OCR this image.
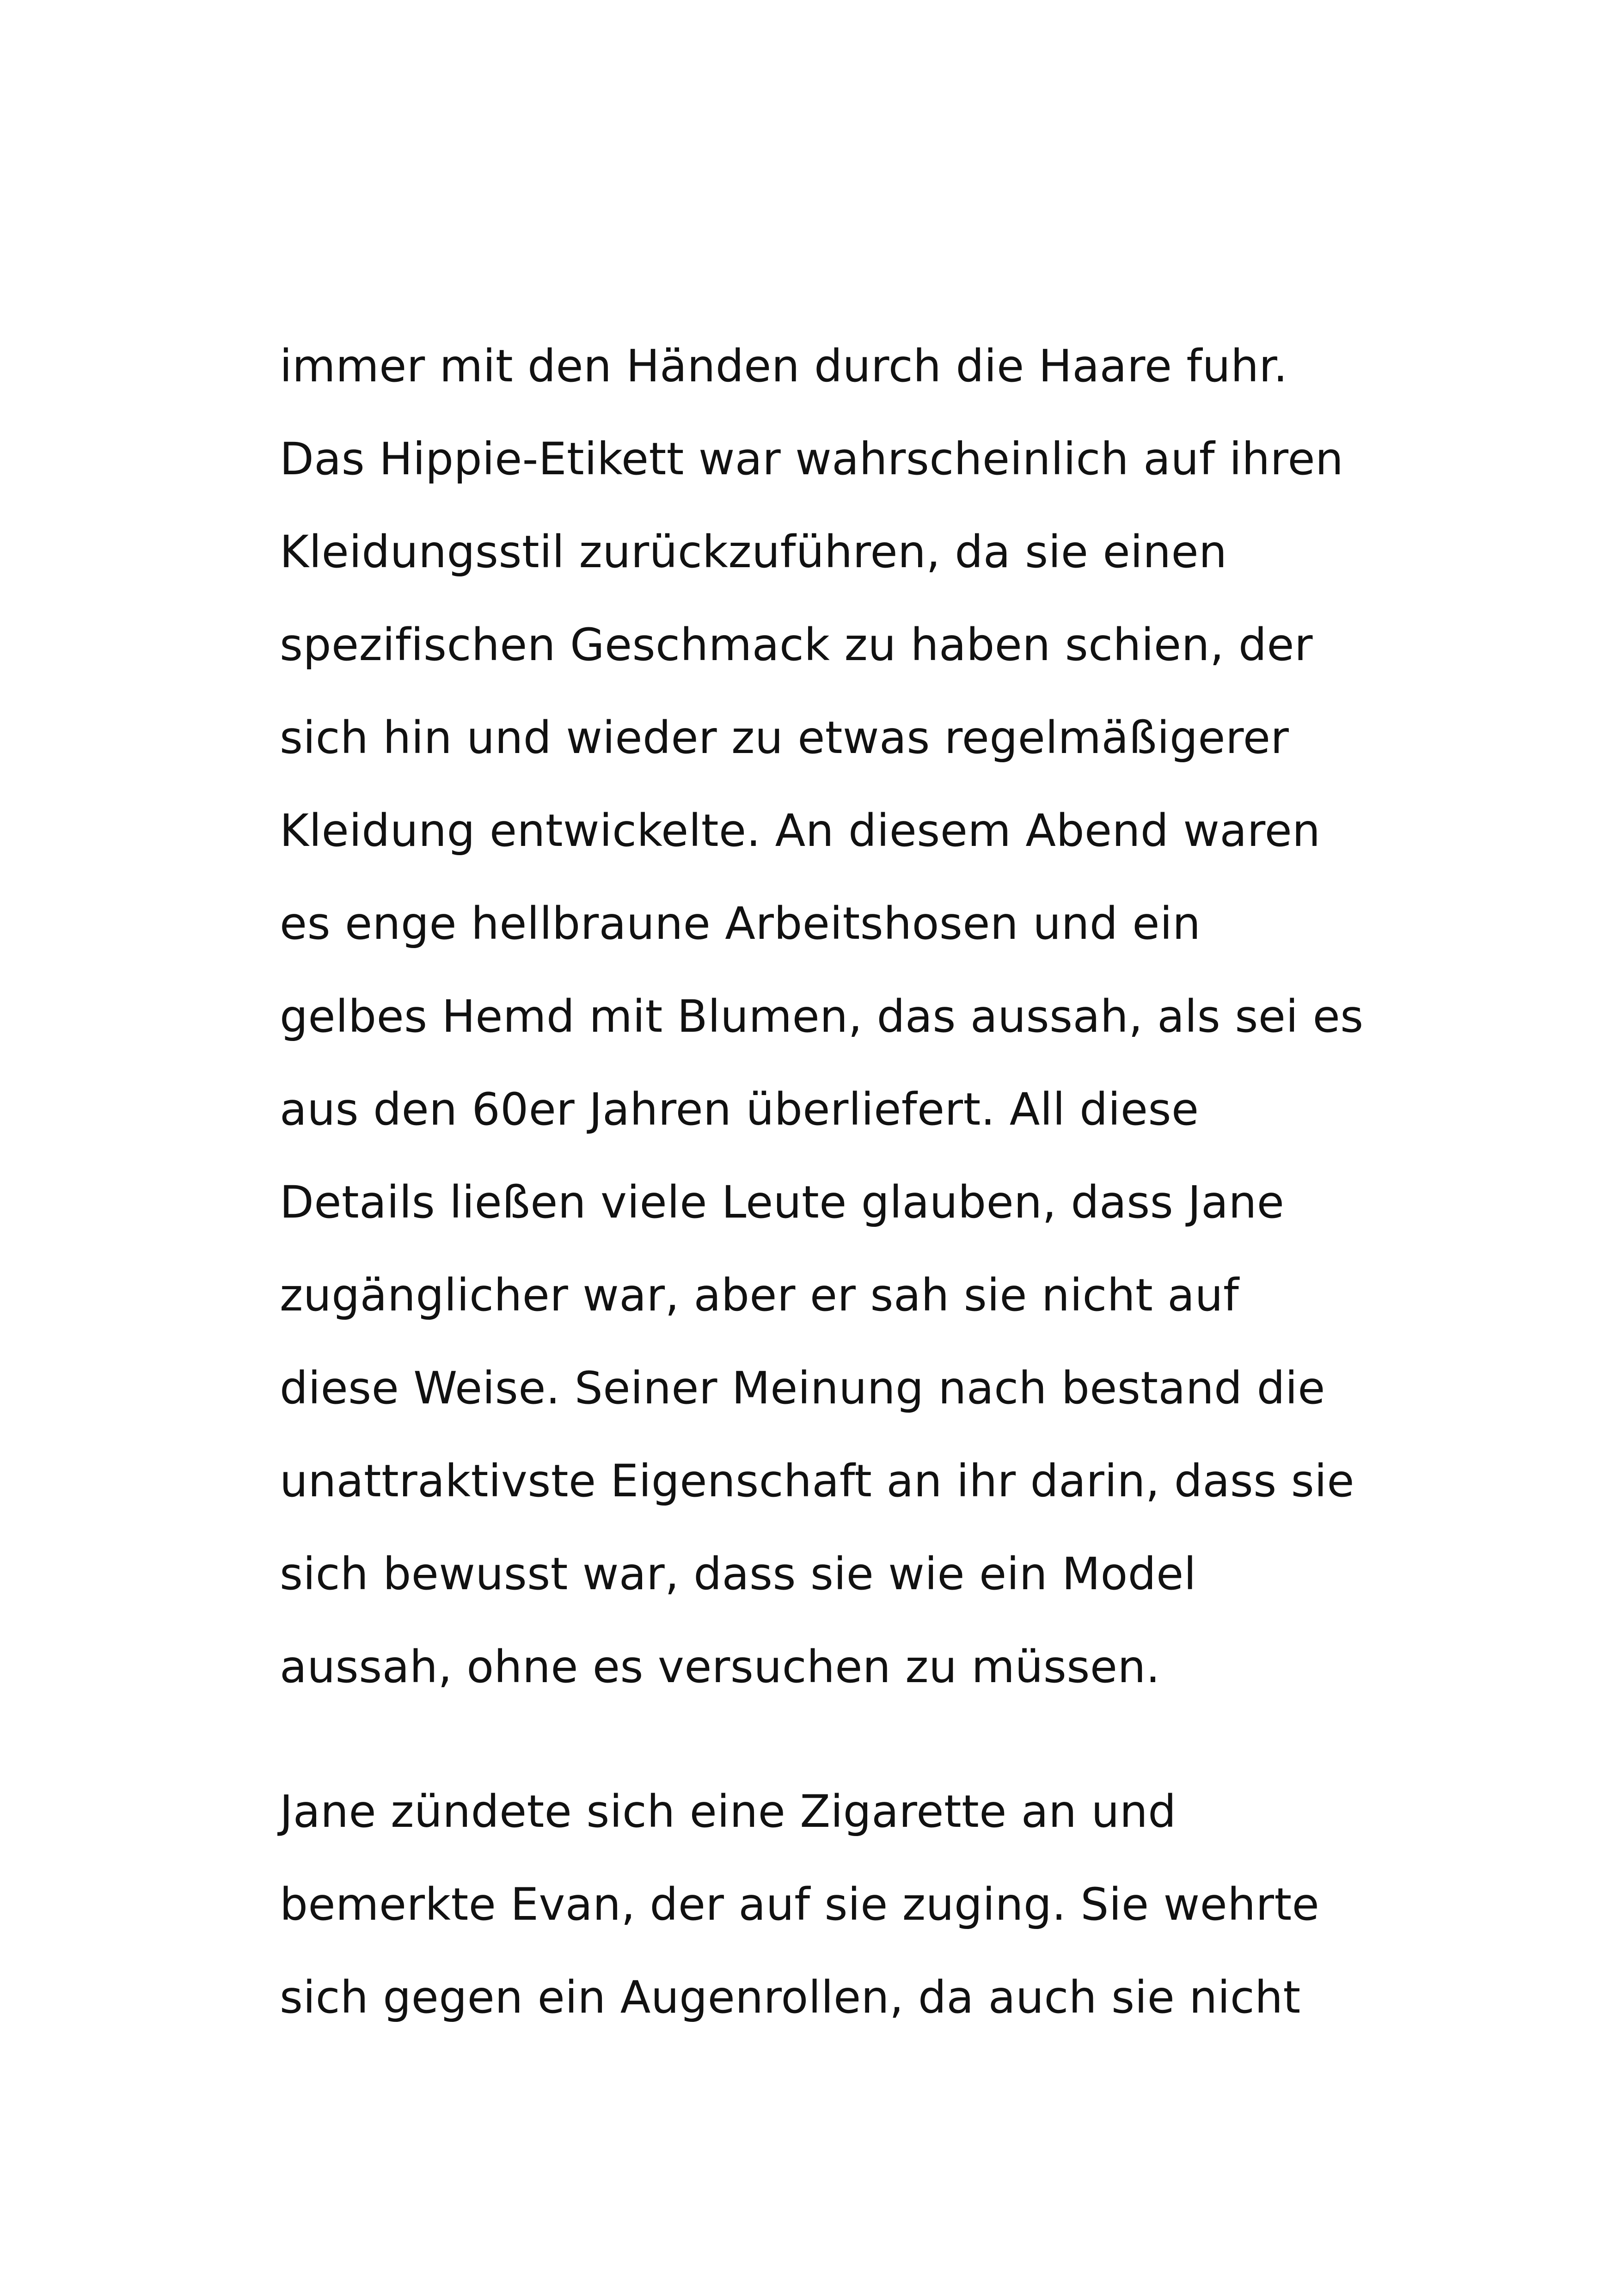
immer mit den Händen durch die Haare fuhr.
Das Hippie-Etikett war wahrscheinlich auf ihren
Kleidungsstil zurückzuführen, da sie einen
spezifischen Geschmack zu haben schien, der
sich hin und wieder zu etwas regelmäßigerer
Kleidung entwickelte. An diesem Abend waren
es enge hellbraune Arbeitshosen und ein
gelbes Hemd mit Blumen, das aussah, als sei es
aus den 60er Jahren überliefert. All diese
Details ließen viele Leute glauben, dass Jane
zugänglicher war, aber er sah sie nicht auf
diese Weise. Seiner Meinung nach bestand die
unattraktivste Eigenschaft an ihr darin, dass sie
sich bewusst war, dass sie wie ein Model
aussah, ohne es versuchen zu müssen.
Jane zündete sich eine Zigarette an und
bemerkte Evan, der auf sie zuging. Sie wehrte
sich gegen ein Augenrollen, da auch sie nicht
